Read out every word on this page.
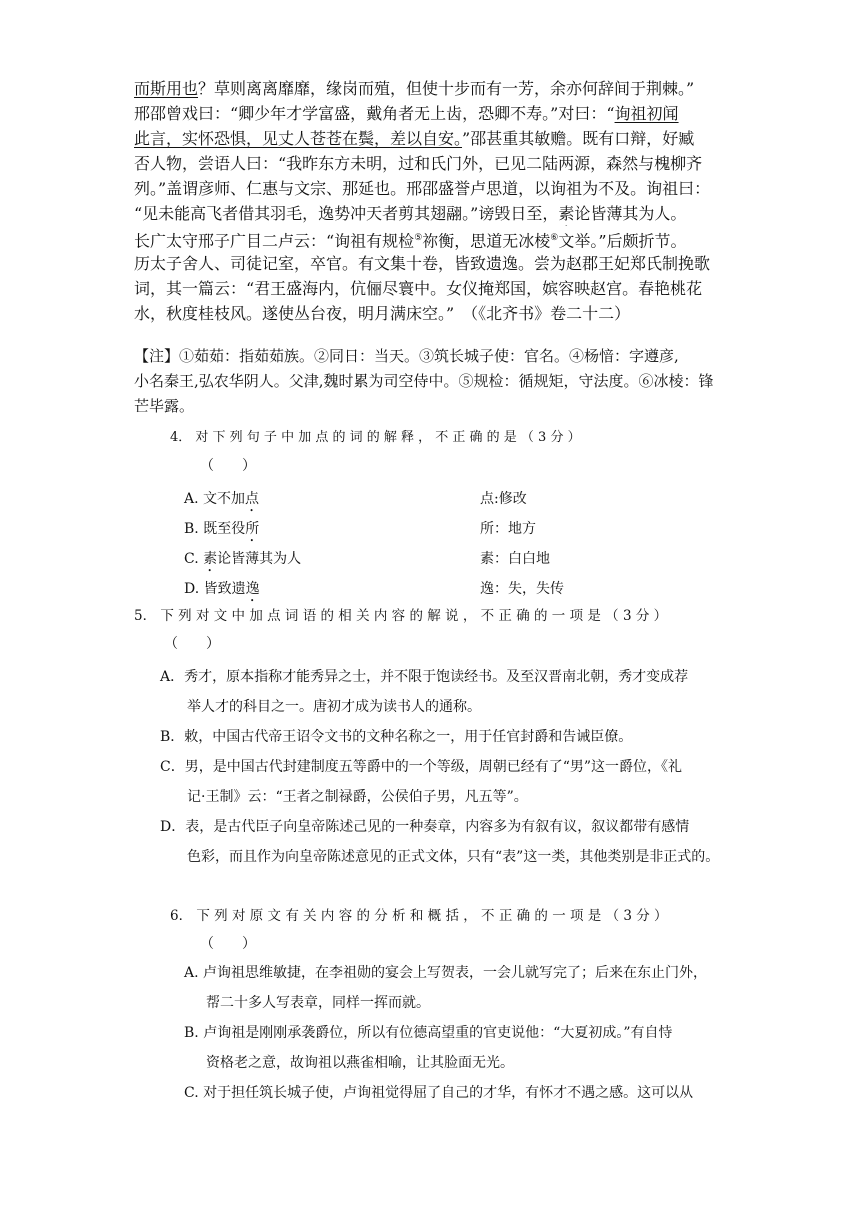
而斯用也？草则离离靡靡，缘岗而殖，但使十步而有一芳，余亦何辞间于荆棘。”
邢邵曾戏曰：“卿少年才学富盛，戴角者无上齿，恐卿不寿。”对曰：“询祖初闻
此言，实怀恐惧，见丈人苍苍在鬓，差以自安。”邵甚重其敏赡。既有口辩，好臧
否人物，尝语人曰：“我昨东方未明，过和氏门外，已见二陆两源，森然与槐柳齐
列。”盖谓彦师、仁惠与文宗、那延也。邢邵盛誉卢思道，以询祖为不及。询祖曰：
“见未能高飞者借其羽毛，逸势冲天者剪其翅翮。”谤毁日至，素论皆薄其为人。
长广太守邢子广目二卢云：“询祖有规检⑤祢衡，思道无冰棱⑥文举。”后颇折节。
历太子舍人、司徒记室，卒官。有文集十卷，皆致遗逸。尝为赵郡王妃郑氏制挽歌
词，其一篇云：“君王盛海内，伉俪尽寰中。女仪掩郑国，嫔容映赵宫。春艳桃花
水，秋度桂枝风。遂使丛台夜，明月满床空。”　（《北齐书》卷二十二）
【注】①茹茹：指茹茹族。②同日：当天。③筑长城子使：官名。④杨愔：字遵彦,
小名秦王,弘农华阴人。父津,魏时累为司空侍中。⑤规检：循规矩，守法度。⑥冰棱：锋
芒毕露。
4． 对 下 列 句 子 中 加 点 的 词 的 解 释 ， 不 正 确 的 是 （ 3 分 ）
（　　）
A. 文不加点	点:修改
B. 既至役所	所：地方
C. 素论皆薄其为人	素：白白地
D. 皆致遗逸	逸：失，失传
5． 下 列 对 文 中 加 点 词 语 的 相 关 内 容 的 解 说 ， 不 正 确 的 一 项 是 （ 3 分 ）
（　　）
A．秀才，原本指称才能秀异之士，并不限于饱读经书。及至汉晋南北朝，秀才变成荐
举人才的科目之一。唐初才成为读书人的通称。
B．敕，中国古代帝王诏令文书的文种名称之一，用于任官封爵和告诫臣僚。
C．男，是中国古代封建制度五等爵中的一个等级，周朝已经有了“男”这一爵位，《礼
记·王制》云：“王者之制禄爵，公侯伯子男，凡五等”。
D．表，是古代臣子向皇帝陈述己见的一种奏章，内容多为有叙有议，叙议都带有感情
色彩，而且作为向皇帝陈述意见的正式文体，只有“表”这一类，其他类别是非正式的。
6． 下 列 对 原 文 有 关 内 容 的 分 析 和 概 括 ， 不 正 确 的 一 项 是 （ 3 分 ）
（　　）
A. 卢询祖思维敏捷，在李祖勋的宴会上写贺表，一会儿就写完了；后来在东止门外，
帮二十多人写表章，同样一挥而就。
B. 卢询祖是刚刚承袭爵位，所以有位德高望重的官吏说他：“大夏初成。”有自恃
资格老之意，故询祖以燕雀相喻，让其脸面无光。
C. 对于担任筑长城子使，卢询祖觉得屈了自己的才华，有怀才不遇之感。这可以从
